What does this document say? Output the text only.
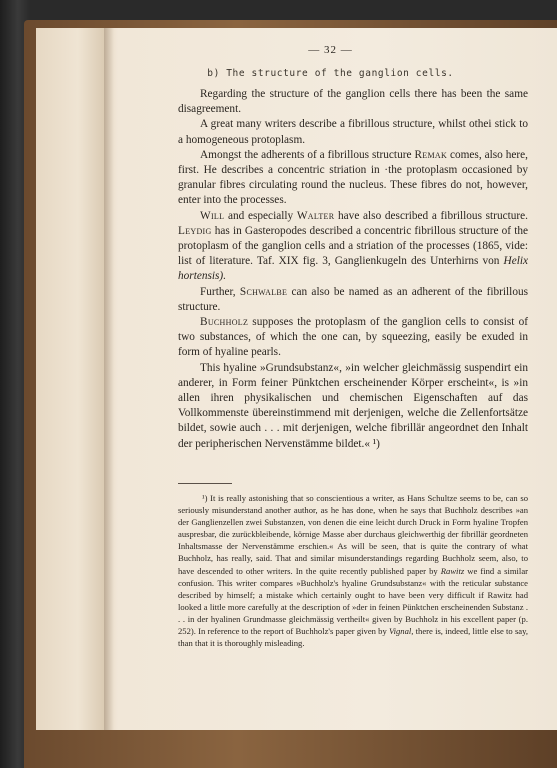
— 32 —
b) The structure of the ganglion cells.

Regarding the structure of the ganglion cells there has been the same disagreement.

A great many writers describe a fibrillous structure, whilst othei stick to a homogeneous protoplasm.

Amongst the adherents of a fibrillous structure Remak comes, also here, first. He describes a concentric striation in ·the protoplasm occasioned by granular fibres circulating round the nucleus. These fibres do not, however, enter into the processes.

Will and especially Walter have also described a fibrillous structure. Leydig has in Gasteropodes described a concentric fibrillous structure of the protoplasm of the ganglion cells and a striation of the processes (1865, vide: list of literature. Taf. XIX fig. 3, Ganglienkugeln des Unterhirns von Helix hortensis).

Further, Schwalbe can also be named as an adherent of the fibrillous structure.

Buchholz supposes the protoplasm of the ganglion cells to consist of two substances, of which the one can, by squeezing, easily be exuded in form of hyaline pearls.

This hyaline »Grundsubstanz«, »in welcher gleichmässig suspendirt ein anderer, in Form feiner Pünktchen erscheinender Körper erscheint«, is »in allen ihren physikalischen und chemischen Eigenschaften auf das Vollkommenste übereinstimmend mit derjenigen, welche die Zellenfortsätze bildet, sowie auch . . . mit derjenigen, welche fibrillär angeordnet den Inhalt der peripherischen Nervenstämme bildet.« ¹)

¹) It is really astonishing that so conscientious a writer, as Hans Schultze seems to be, can so seriously misunderstand another author, as he has done, when he says that Buchholz describes »an der Ganglienzellen zwei Substanzen, von denen die eine leicht durch Druck in Form hyaline Tropfen auspresbar, die zurückbleibende, körnige Masse aber durchaus gleichwerthig der fibrillär geordneten Inhaltsmasse der Nervenstämme erschien.« As will be seen, that is quite the contrary of what Buchholz, has really, said. That and similar misunderstandings regarding Buchholz seem, also, to have descended to other writers. In the quite recently published paper by Rawitz we find a similar confusion. This writer compares »Buchholz's hyaline Grundsubstanz« with the reticular substance described by himself; a mistake which certainly ought to have been very difficult if Rawitz had looked a little more carefully at the description of »der in feinen Pünktchen erscheinenden Substanz . . . in der hyalinen Grundmasse gleichmässig vertheilt« given by Buchholz in his excellent paper (p. 252). In reference to the report of Buchholz's paper given by Vignal, there is, indeed, little else to say, than that it is thoroughly misleading.
